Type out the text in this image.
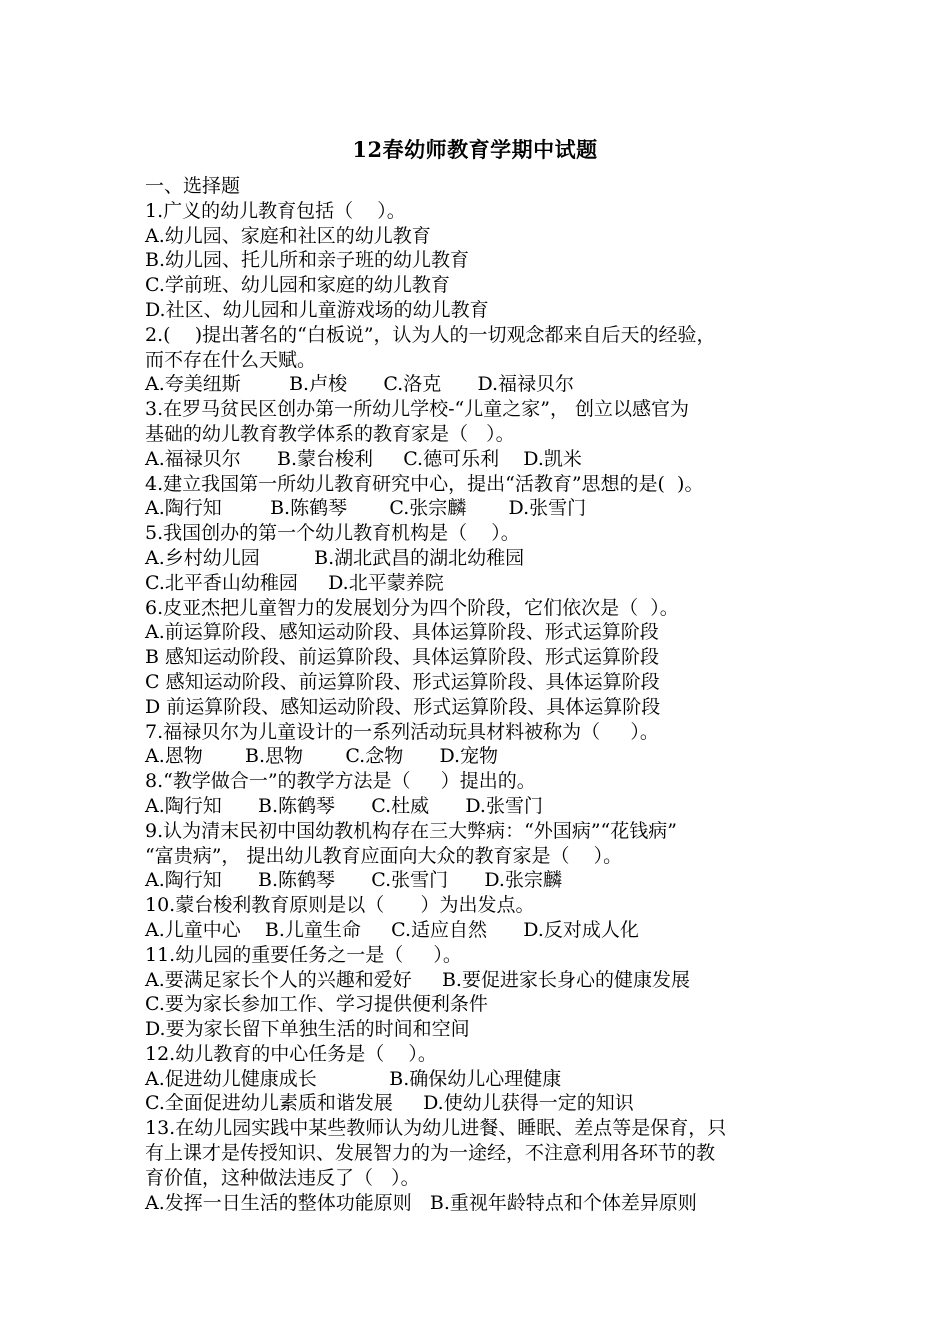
12春幼师教育学期中试题
一、选择题
1.广义的幼儿教育包括（    ）。
A.幼儿园、家庭和社区的幼儿教育
B.幼儿园、托儿所和亲子班的幼儿教育
C.学前班、幼儿园和家庭的幼儿教育
D.社区、幼儿园和儿童游戏场的幼儿教育
2.(    )提出著名的“白板说”，认为人的一切观念都来自后天的经验，
而不存在什么天赋。
A.夸美纽斯        B.卢梭      C.洛克      D.福禄贝尔
3.在罗马贫民区创办第一所幼儿学校-“儿童之家”， 创立以感官为
基础的幼儿教育教学体系的教育家是（   ）。
A.福禄贝尔      B.蒙台梭利     C.德可乐利    D.凯米
4.建立我国第一所幼儿教育研究中心，提出“活教育”思想的是(  )。
A.陶行知        B.陈鹤琴       C.张宗麟       D.张雪门
5.我国创办的第一个幼儿教育机构是（    ）。
A.乡村幼儿园         B.湖北武昌的湖北幼稚园
C.北平香山幼稚园     D.北平蒙养院
6.皮亚杰把儿童智力的发展划分为四个阶段，它们依次是（  ）。
A.前运算阶段、感知运动阶段、具体运算阶段、形式运算阶段
B 感知运动阶段、前运算阶段、具体运算阶段、形式运算阶段
C 感知运动阶段、前运算阶段、形式运算阶段、具体运算阶段
D 前运算阶段、感知运动阶段、形式运算阶段、具体运算阶段
7.福禄贝尔为儿童设计的一系列活动玩具材料被称为（     ）。
A.恩物       B.思物       C.念物      D.宠物
8.“教学做合一”的教学方法是（     ）提出的。
A.陶行知      B.陈鹤琴      C.杜威      D.张雪门
9.认为清末民初中国幼教机构存在三大弊病：“外国病”“花钱病”
“富贵病”， 提出幼儿教育应面向大众的教育家是（    ）。
A.陶行知      B.陈鹤琴      C.张雪门      D.张宗麟
10.蒙台梭利教育原则是以（      ）为出发点。
A.儿童中心    B.儿童生命     C.适应自然      D.反对成人化
11.幼儿园的重要任务之一是（     ）。
A.要满足家长个人的兴趣和爱好     B.要促进家长身心的健康发展
C.要为家长参加工作、学习提供便利条件
D.要为家长留下单独生活的时间和空间
12.幼儿教育的中心任务是（    ）。
A.促进幼儿健康成长            B.确保幼儿心理健康
C.全面促进幼儿素质和谐发展     D.使幼儿获得一定的知识
13.在幼儿园实践中某些教师认为幼儿进餐、睡眠、差点等是保育，只
有上课才是传授知识、发展智力的为一途经，不注意利用各环节的教
育价值，这种做法违反了（   ）。
A.发挥一日生活的整体功能原则   B.重视年龄特点和个体差异原则
